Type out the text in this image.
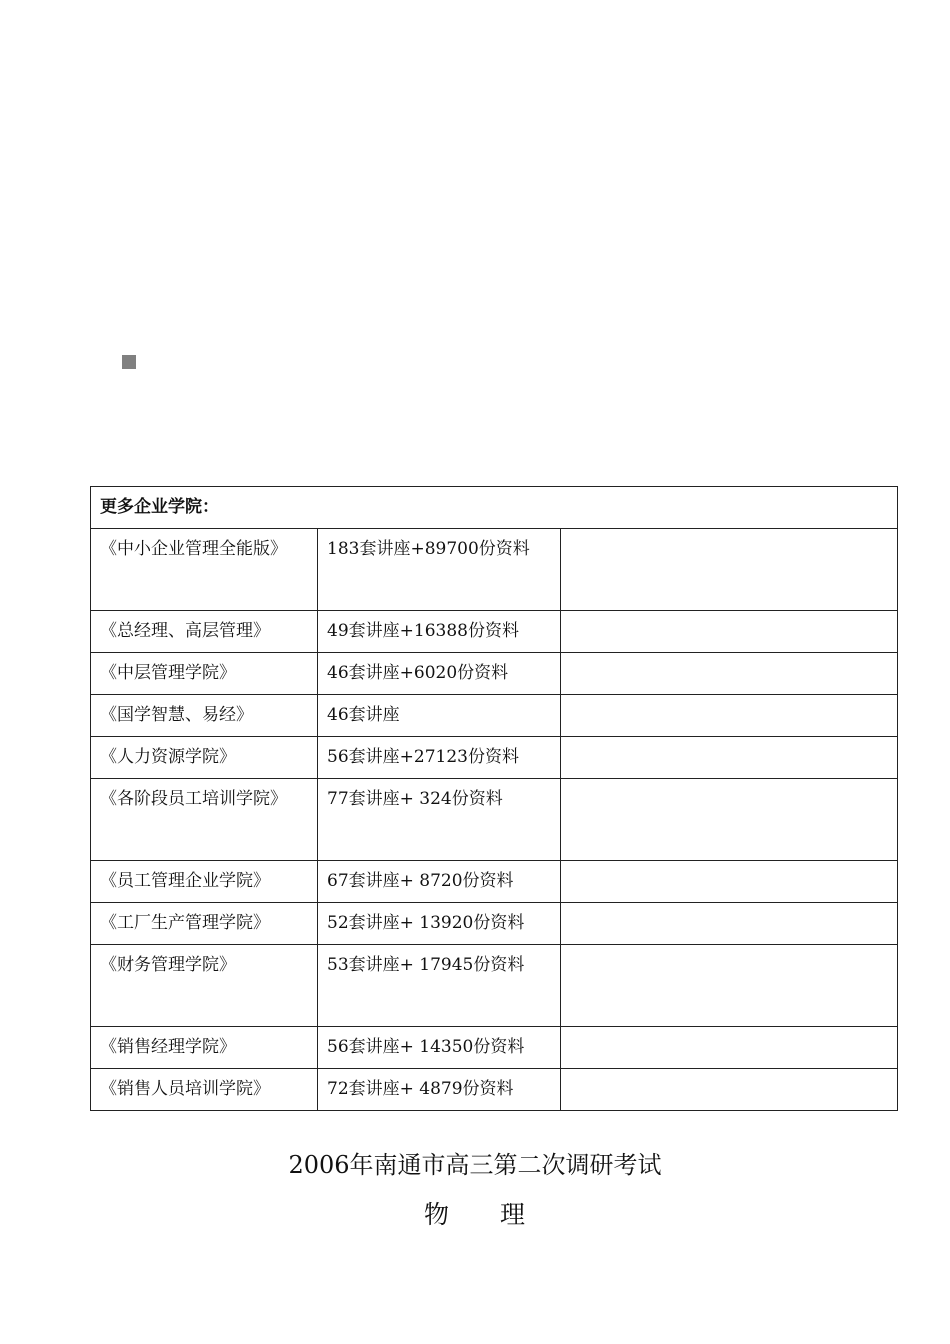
更多企业学院：		
《中小企业管理全能版》	183套讲座+89700份资料	
《总经理、高层管理》	49套讲座+16388份资料	
《中层管理学院》	46套讲座+6020份资料	
《国学智慧、易经》	46套讲座	
《人力资源学院》	56套讲座+27123份资料	
《各阶段员工培训学院》	77套讲座+ 324份资料	
《员工管理企业学院》	67套讲座+ 8720份资料	
《工厂生产管理学院》	52套讲座+ 13920份资料	
《财务管理学院》	53套讲座+ 17945份资料	
《销售经理学院》	56套讲座+ 14350份资料	
《销售人员培训学院》	72套讲座+ 4879份资料	
2006年南通市高三第二次调研考试
物 理
